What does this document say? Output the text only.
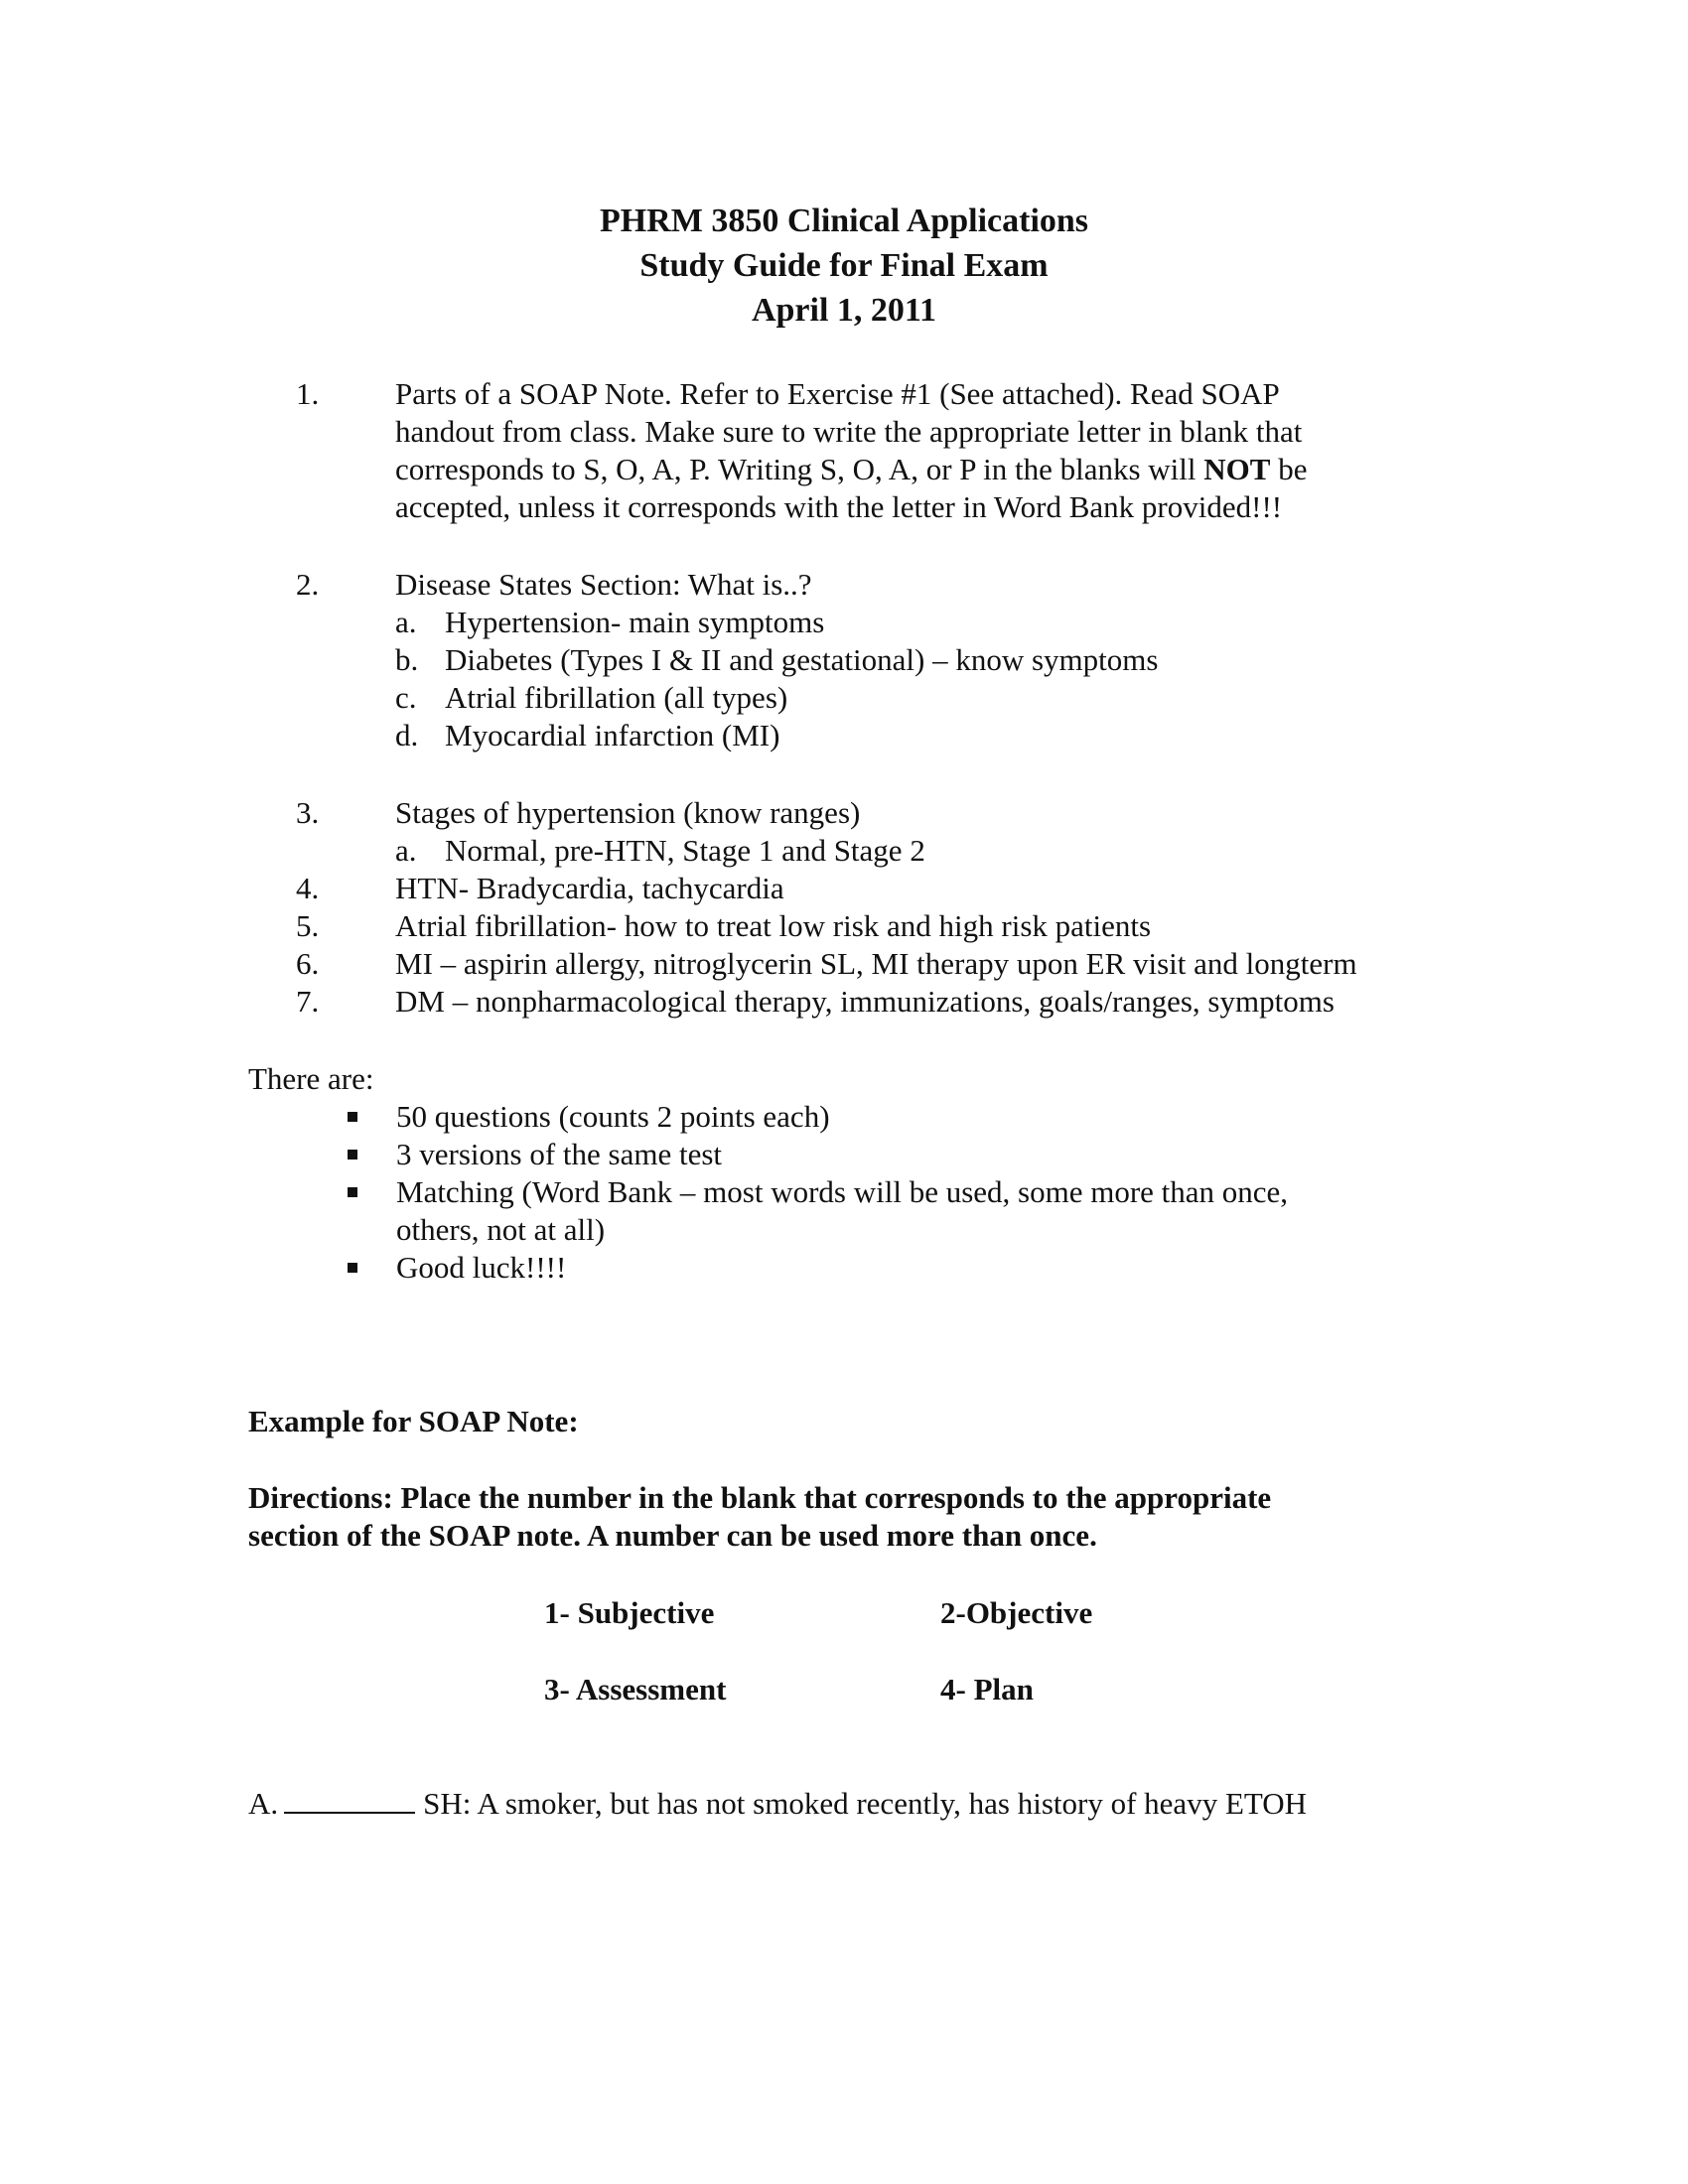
PHRM 3850 Clinical Applications
Study Guide for Final Exam
April 1, 2011
1. Parts of a SOAP Note. Refer to Exercise #1 (See attached). Read SOAP
handout from class. Make sure to write the appropriate letter in blank that
corresponds to S, O, A, P. Writing S, O, A, or P in the blanks will NOT be
accepted, unless it corresponds with the letter in Word Bank provided!!!
2. Disease States Section: What is..?
a. Hypertension- main symptoms
b. Diabetes (Types I & II and gestational) – know symptoms
c. Atrial fibrillation (all types)
d. Myocardial infarction (MI)
3. Stages of hypertension (know ranges)
a. Normal, pre-HTN, Stage 1 and Stage 2
4. HTN- Bradycardia, tachycardia
5. Atrial fibrillation- how to treat low risk and high risk patients
6. MI – aspirin allergy, nitroglycerin SL, MI therapy upon ER visit and longterm
7. DM – nonpharmacological therapy, immunizations, goals/ranges, symptoms
There are:
50 questions (counts 2 points each)
3 versions of the same test
Matching (Word Bank – most words will be used, some more than once,
others, not at all)
Good luck!!!!
Example for SOAP Note:
Directions: Place the number in the blank that corresponds to the appropriate
section of the SOAP note. A number can be used more than once.
1- Subjective	2-Objective
3- Assessment	4- Plan
A.	SH: A smoker, but has not smoked recently, has history of heavy ETOH
